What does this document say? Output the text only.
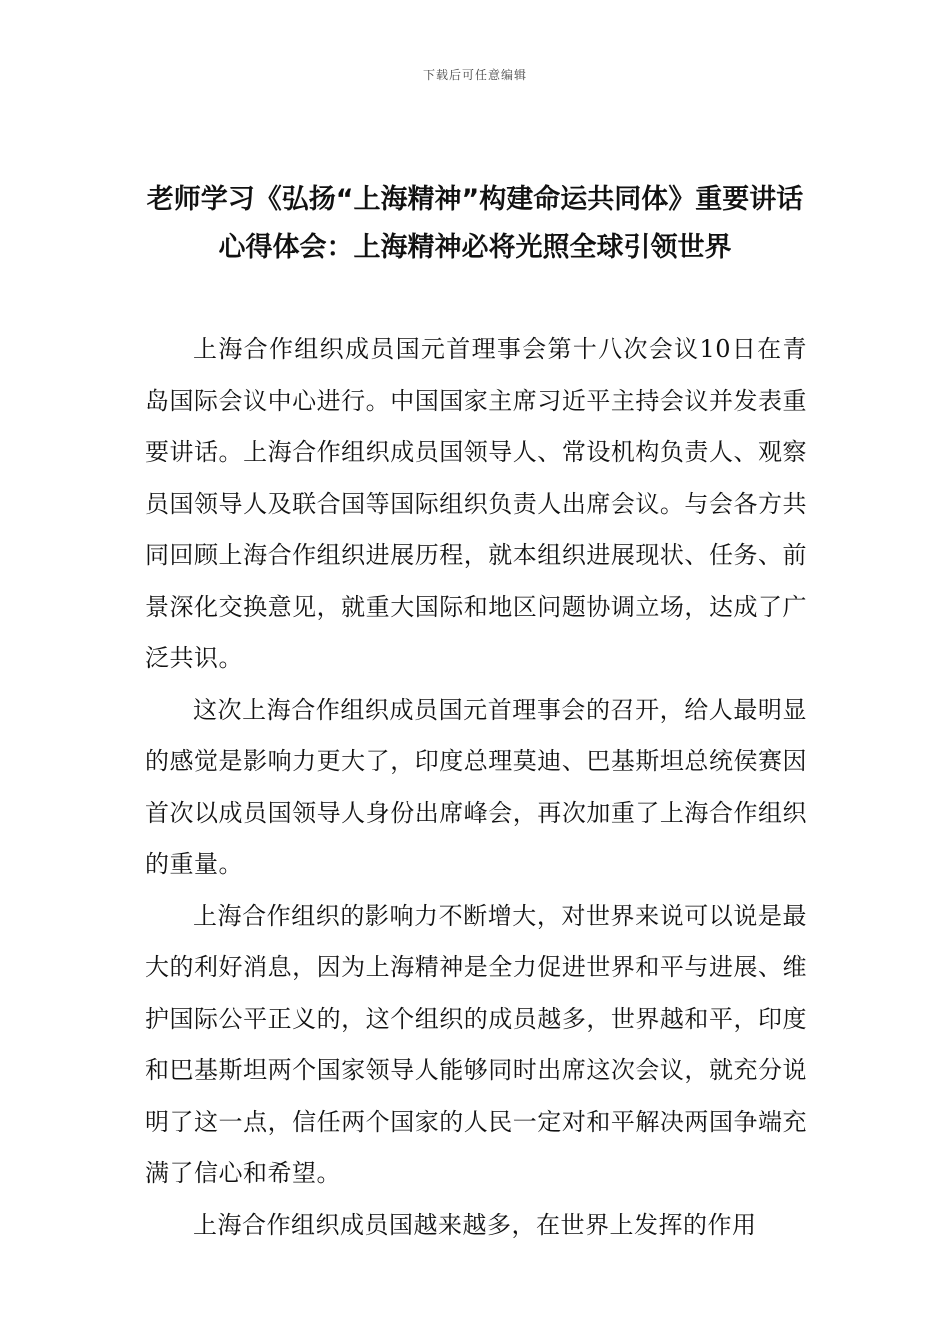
下载后可任意编辑
老师学习《弘扬“上海精神”构建命运共同体》重要讲话心得体会：上海精神必将光照全球引领世界

上海合作组织成员国元首理事会第十八次会议10日在青岛国际会议中心进行。中国国家主席习近平主持会议并发表重要讲话。上海合作组织成员国领导人、常设机构负责人、观察员国领导人及联合国等国际组织负责人出席会议。与会各方共同回顾上海合作组织进展历程，就本组织进展现状、任务、前景深化交换意见，就重大国际和地区问题协调立场，达成了广泛共识。

这次上海合作组织成员国元首理事会的召开，给人最明显的感觉是影响力更大了，印度总理莫迪、巴基斯坦总统侯赛因首次以成员国领导人身份出席峰会，再次加重了上海合作组织的重量。

上海合作组织的影响力不断增大，对世界来说可以说是最大的利好消息，因为上海精神是全力促进世界和平与进展、维护国际公平正义的，这个组织的成员越多，世界越和平，印度和巴基斯坦两个国家领导人能够同时出席这次会议，就充分说明了这一点，信任两个国家的人民一定对和平解决两国争端充满了信心和希望。

上海合作组织成员国越来越多，在世界上发挥的作用
